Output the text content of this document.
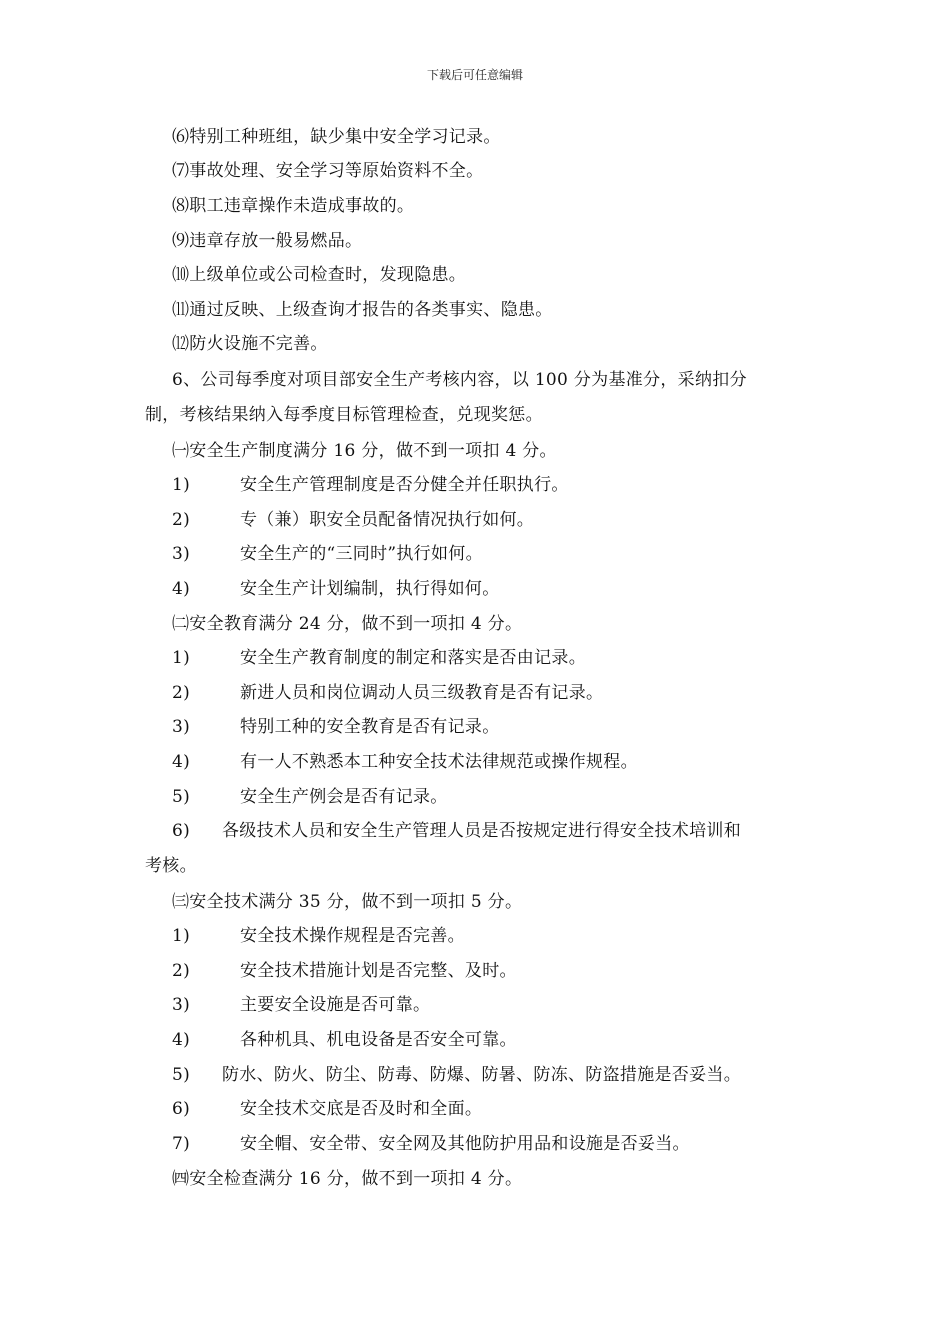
下载后可任意编辑
⑹特别工种班组，缺少集中安全学习记录。
⑺事故处理、安全学习等原始资料不全。
⑻职工违章操作未造成事故的。
⑼违章存放一般易燃品。
⑽上级单位或公司检查时，发现隐患。
⑾通过反映、上级查询才报告的各类事实、隐患。
⑿防火设施不完善。
6、公司每季度对项目部安全生产考核内容，以 100 分为基准分，采纳扣分
制，考核结果纳入每季度目标管理检查，兑现奖惩。
㈠安全生产制度满分 16 分，做不到一项扣 4 分。
1)	安全生产管理制度是否分健全并任职执行。
2)	专（兼）职安全员配备情况执行如何。
3)	安全生产的“三同时”执行如何。
4)	安全生产计划编制，执行得如何。
㈡安全教育满分 24 分，做不到一项扣 4 分。
1)	安全生产教育制度的制定和落实是否由记录。
2)	新进人员和岗位调动人员三级教育是否有记录。
3)	特别工种的安全教育是否有记录。
4)	有一人不熟悉本工种安全技术法律规范或操作规程。
5)	安全生产例会是否有记录。
6) 各级技术人员和安全生产管理人员是否按规定进行得安全技术培训和
考核。
㈢安全技术满分 35 分，做不到一项扣 5 分。
1)	安全技术操作规程是否完善。
2)	安全技术措施计划是否完整、及时。
3)	主要安全设施是否可靠。
4)	各种机具、机电设备是否安全可靠。
5) 防水、防火、防尘、防毒、防爆、防暑、防冻、防盗措施是否妥当。
6)	安全技术交底是否及时和全面。
7)	安全帽、安全带、安全网及其他防护用品和设施是否妥当。
㈣安全检查满分 16 分，做不到一项扣 4 分。
